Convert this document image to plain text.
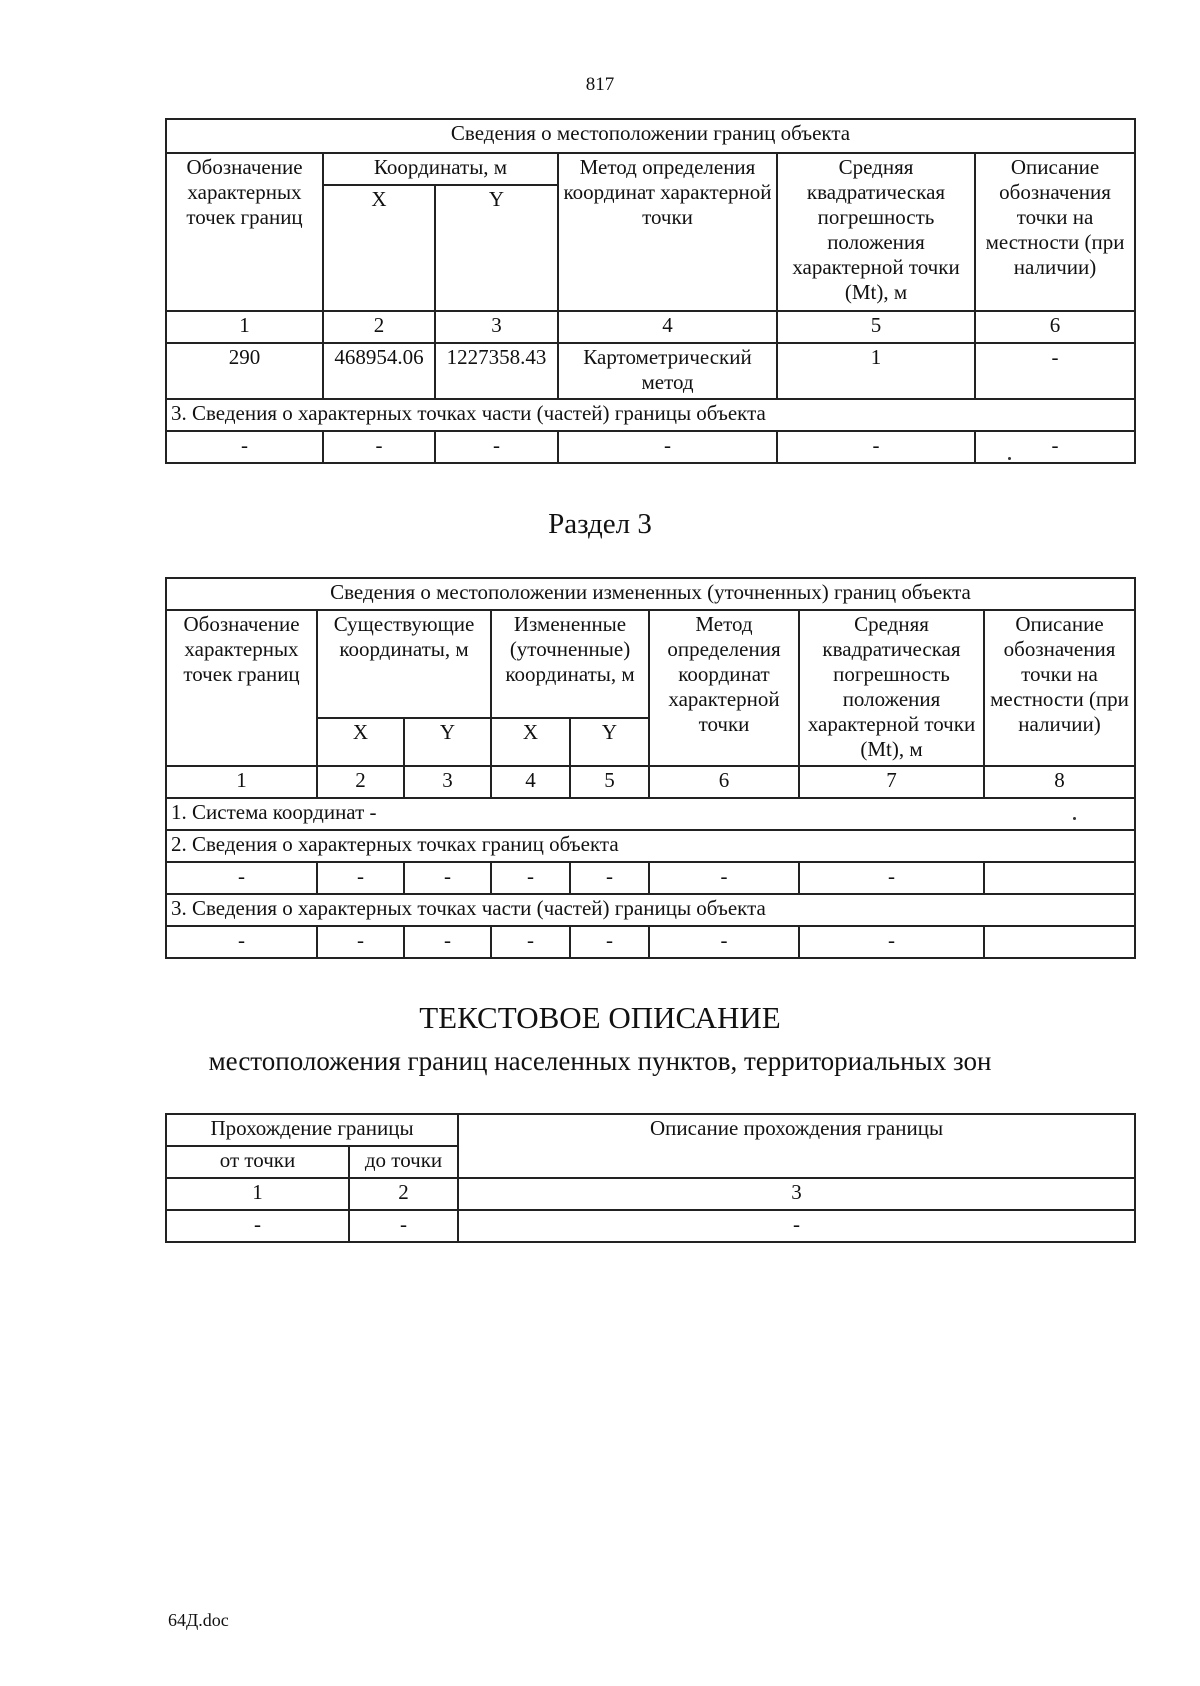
817
Сведения о местоположении границ объекта					
Обозначение характерных точек границ	Координаты, м		Метод определения координат характерной точки	Средняя квадратическая погрешность положения характерной точки (Mt), м	Описание обозначения точки на местности (при наличии)
	X	Y			
1	2	3	4	5	6
290	468954.06	1227358.43	Картометрический метод	1	-
3. Сведения о характерных точках части (частей) границы объекта					
-	-	-	-	-	-
Раздел 3
Сведения о местоположении измененных (уточненных) границ объекта							
Обозначение характерных точек границ	Существующие координаты, м		Измененные (уточненные) координаты, м		Метод определения координат характерной точки	Средняя квадратическая погрешность положения характерной точки (Mt), м	Описание обозначения точки на местности (при наличии)
	X	Y	X	Y			
1	2	3	4	5	6	7	8
1. Система координат -							
2. Сведения о характерных точках границ объекта							
-	-	-	-	-	-	-	
3. Сведения о характерных точках части (частей) границы объекта							
-	-	-	-	-	-	-	
ТЕКСТОВОЕ ОПИСАНИЕ
местоположения границ населенных пунктов, территориальных зон
Прохождение границы		Описание прохождения границы
от точки	до точки	
1	2	3
-	-	-
64Д.doc
